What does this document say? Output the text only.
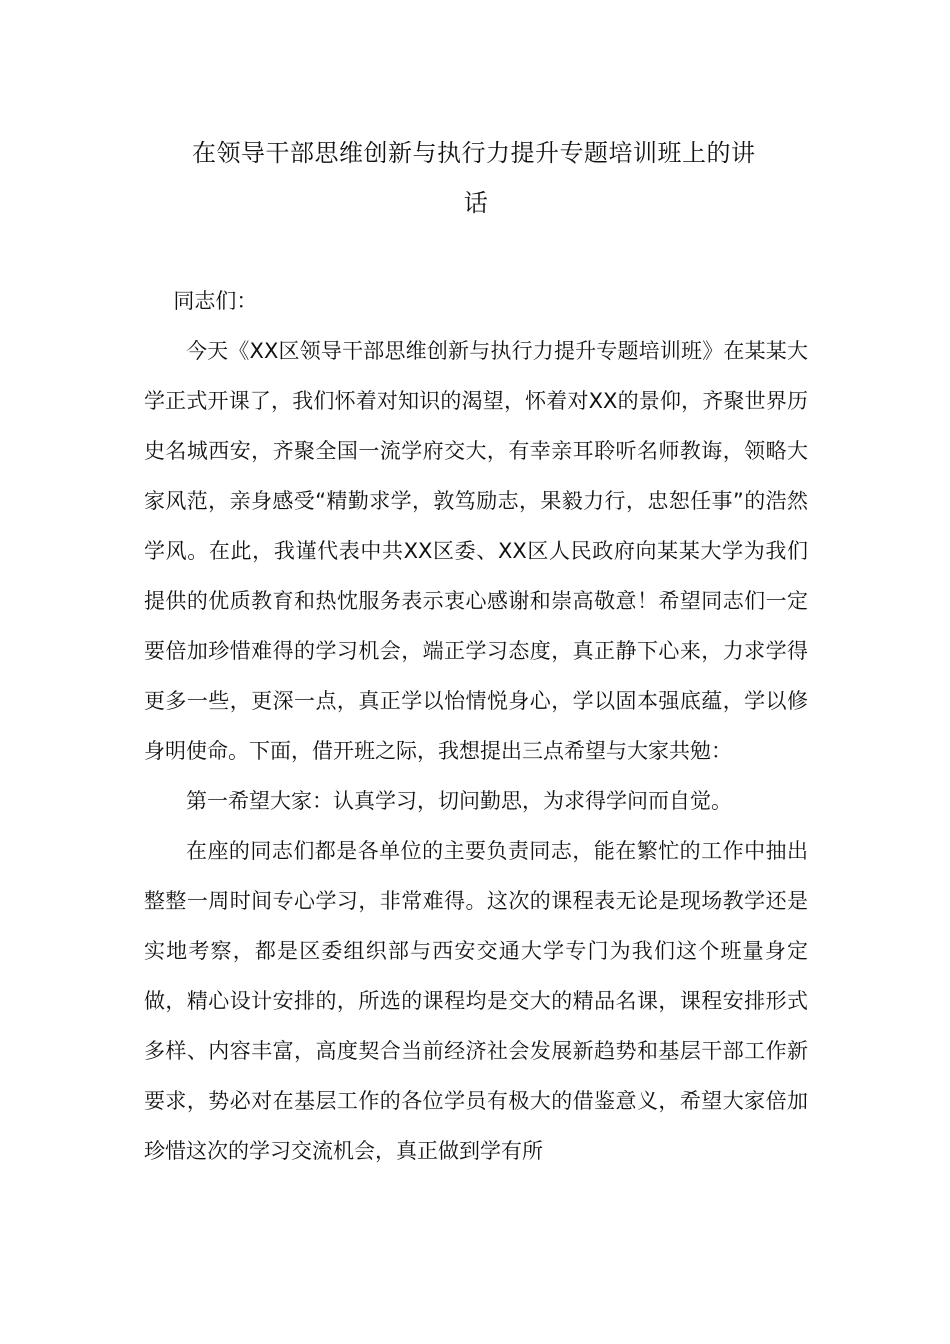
在领导干部思维创新与执行力提升专题培训班上的讲
话

同志们：

今天《XX区领导干部思维创新与执行力提升专题培训班》在某某大学正式开课了，我们怀着对知识的渴望，怀着对XX的景仰，齐聚世界历史名城西安，齐聚全国一流学府交大，有幸亲耳聆听名师教诲，领略大家风范，亲身感受“精勤求学，敦笃励志，果毅力行，忠恕任事”的浩然学风。在此，我谨代表中共XX区委、XX区人民政府向某某大学为我们提供的优质教育和热忱服务表示衷心感谢和崇高敬意！希望同志们一定要倍加珍惜难得的学习机会，端正学习态度，真正静下心来，力求学得更多一些，更深一点，真正学以怡情悦身心，学以固本强底蕴，学以修身明使命。下面，借开班之际，我想提出三点希望与大家共勉：

第一希望大家：认真学习，切问勤思，为求得学问而自觉。

在座的同志们都是各单位的主要负责同志，能在繁忙的工作中抽出整整一周时间专心学习，非常难得。这次的课程表无论是现场教学还是实地考察，都是区委组织部与西安交通大学专门为我们这个班量身定做，精心设计安排的，所选的课程均是交大的精品名课，课程安排形式多样、内容丰富，高度契合当前经济社会发展新趋势和基层干部工作新要求，势必对在基层工作的各位学员有极大的借鉴意义，希望大家倍加珍惜这次的学习交流机会，真正做到学有所
